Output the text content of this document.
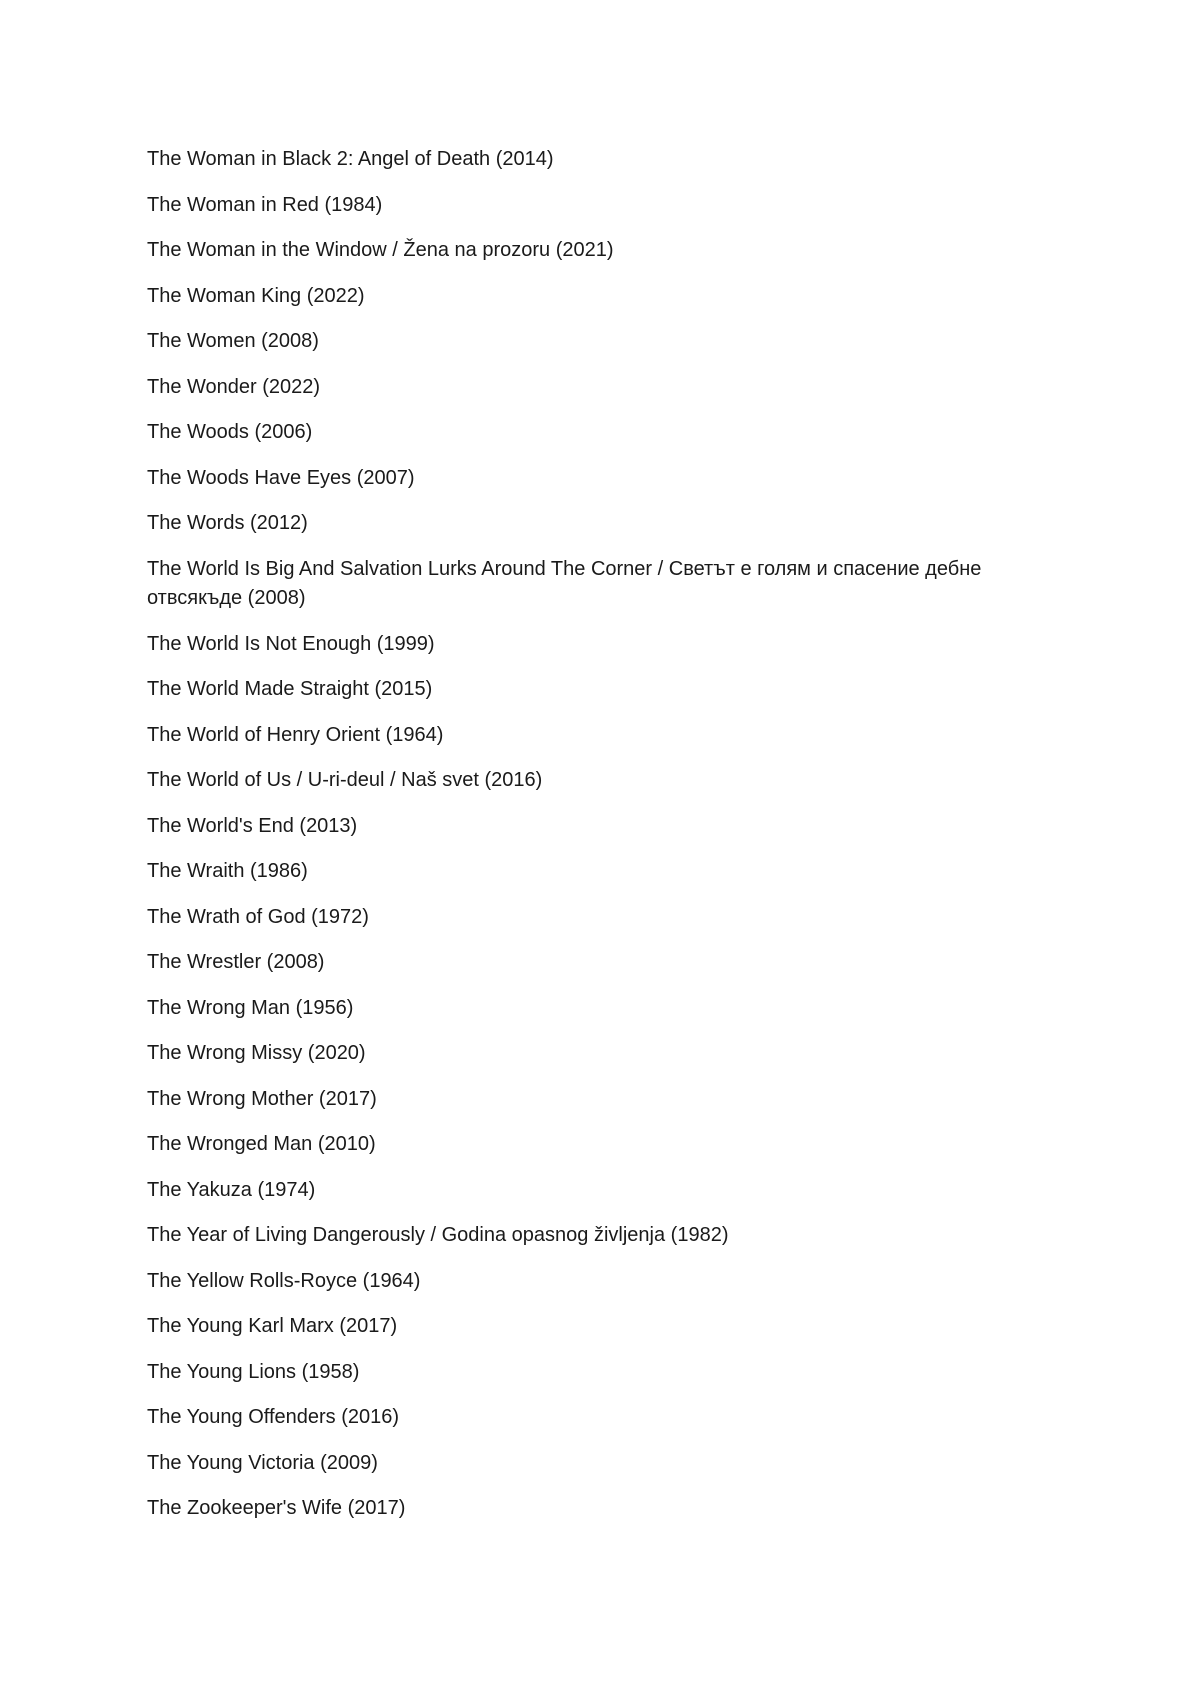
The Woman in Black 2: Angel of Death (2014)
The Woman in Red (1984)
The Woman in the Window / Žena na prozoru (2021)
The Woman King (2022)
The Women (2008)
The Wonder (2022)
The Woods (2006)
The Woods Have Eyes (2007)
The Words (2012)
The World Is Big And Salvation Lurks Around The Corner / Светът е голям и спасение дебне отвсякъде (2008)
The World Is Not Enough (1999)
The World Made Straight (2015)
The World of Henry Orient (1964)
The World of Us / U-ri-deul / Naš svet (2016)
The World's End (2013)
The Wraith (1986)
The Wrath of God (1972)
The Wrestler (2008)
The Wrong Man (1956)
The Wrong Missy (2020)
The Wrong Mother (2017)
The Wronged Man (2010)
The Yakuza (1974)
The Year of Living Dangerously / Godina opasnog življenja (1982)
The Yellow Rolls-Royce (1964)
The Young Karl Marx (2017)
The Young Lions (1958)
The Young Offenders (2016)
The Young Victoria (2009)
The Zookeeper's Wife (2017)
